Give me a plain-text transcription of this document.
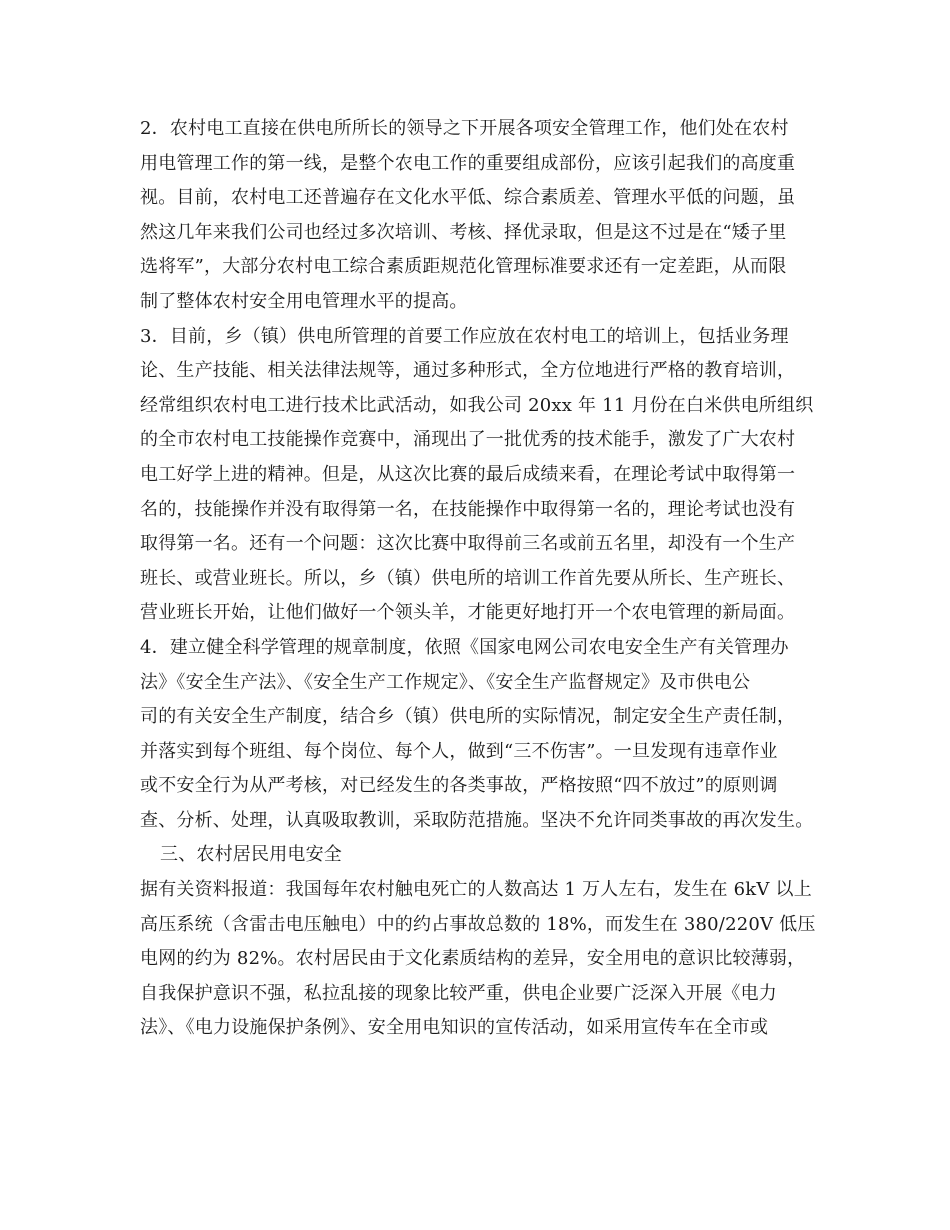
2．农村电工直接在供电所所长的领导之下开展各项安全管理工作，他们处在农村
用电管理工作的第一线，是整个农电工作的重要组成部份，应该引起我们的高度重
视。目前，农村电工还普遍存在文化水平低、综合素质差、管理水平低的问题，虽
然这几年来我们公司也经过多次培训、考核、择优录取，但是这不过是在“矮子里
选将军”，大部分农村电工综合素质距规范化管理标准要求还有一定差距，从而限
制了整体农村安全用电管理水平的提高。
3．目前，乡（镇）供电所管理的首要工作应放在农村电工的培训上，包括业务理
论、生产技能、相关法律法规等，通过多种形式，全方位地进行严格的教育培训，
经常组织农村电工进行技术比武活动，如我公司 20xx 年 11 月份在白米供电所组织
的全市农村电工技能操作竞赛中，涌现出了一批优秀的技术能手，激发了广大农村
电工好学上进的精神。但是，从这次比赛的最后成绩来看，在理论考试中取得第一
名的，技能操作并没有取得第一名，在技能操作中取得第一名的，理论考试也没有
取得第一名。还有一个问题：这次比赛中取得前三名或前五名里，却没有一个生产
班长、或营业班长。所以，乡（镇）供电所的培训工作首先要从所长、生产班长、
营业班长开始，让他们做好一个领头羊，才能更好地打开一个农电管理的新局面。
4．建立健全科学管理的规章制度，依照《国家电网公司农电安全生产有关管理办
法》《安全生产法》、《安全生产工作规定》、《安全生产监督规定》及市供电公
司的有关安全生产制度，结合乡（镇）供电所的实际情况，制定安全生产责任制，
并落实到每个班组、每个岗位、每个人，做到“三不伤害”。一旦发现有违章作业
或不安全行为从严考核，对已经发生的各类事故，严格按照“四不放过”的原则调
查、分析、处理，认真吸取教训，采取防范措施。坚决不允许同类事故的再次发生。
三、农村居民用电安全
据有关资料报道：我国每年农村触电死亡的人数高达 1 万人左右，发生在 6kV 以上
高压系统（含雷击电压触电）中的约占事故总数的 18%，而发生在 380/220V 低压
电网的约为 82%。农村居民由于文化素质结构的差异，安全用电的意识比较薄弱，
自我保护意识不强，私拉乱接的现象比较严重，供电企业要广泛深入开展《电力
法》、《电力设施保护条例》、安全用电知识的宣传活动，如采用宣传车在全市或
